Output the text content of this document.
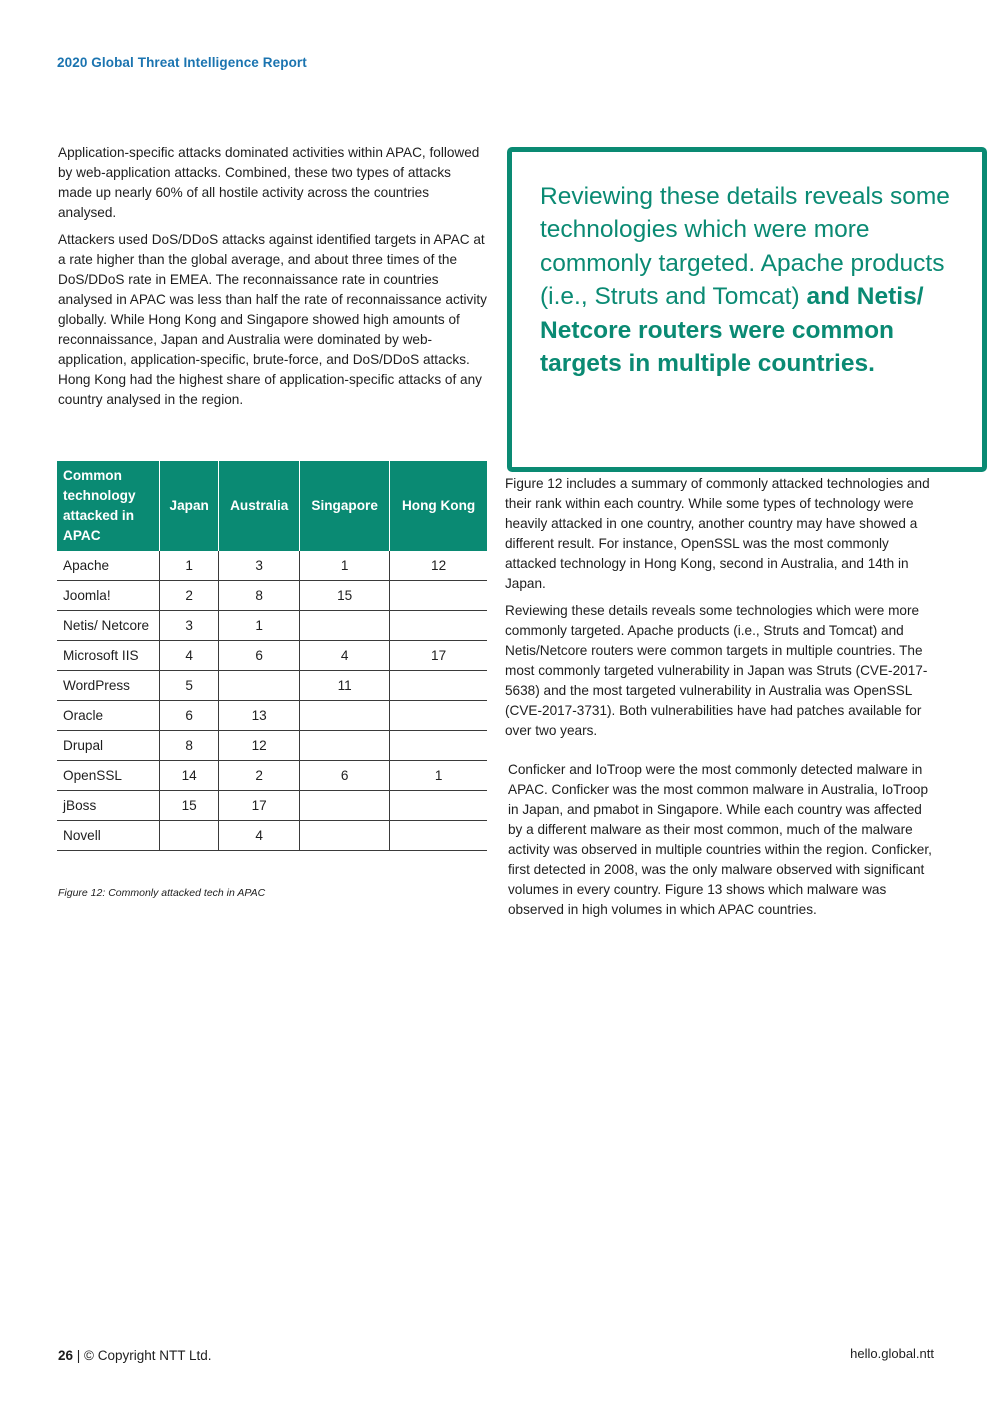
2020 Global Threat Intelligence Report

Application-specific attacks dominated activities within APAC, followed by web-application attacks. Combined, these two types of attacks made up nearly 60% of all hostile activity across the countries analysed.

Attackers used DoS/DDoS attacks against identified targets in APAC at a rate higher than the global average, and about three times of the DoS/DDoS rate in EMEA. The reconnaissance rate in countries analysed in APAC was less than half the rate of reconnaissance activity globally. While Hong Kong and Singapore showed high amounts of reconnaissance, Japan and Australia were dominated by web-application, application-specific, brute-force, and DoS/DDoS attacks. Hong Kong had the highest share of application-specific attacks of any country analysed in the region.

Reviewing these details reveals some technologies which were more commonly targeted. Apache products (i.e., Struts and Tomcat) and Netis/ Netcore routers were common targets in multiple countries.

Common technology attacked in APAC	Japan	Australia	Singapore	Hong Kong
Apache	1	3	1	12
Joomla!	2	8	15	
Netis/ Netcore	3	1		
Microsoft IIS	4	6	4	17
WordPress	5		11	
Oracle	6	13		
Drupal	8	12		
OpenSSL	14	2	6	1
jBoss	15	17		
Novell		4		
Figure 12: Commonly attacked tech in APAC

Figure 12 includes a summary of commonly attacked technologies and their rank within each country. While some types of technology were heavily attacked in one country, another country may have showed a different result. For instance, OpenSSL was the most commonly attacked technology in Hong Kong, second in Australia, and 14th in Japan.

Reviewing these details reveals some technologies which were more commonly targeted. Apache products (i.e., Struts and Tomcat) and Netis/Netcore routers were common targets in multiple countries. The most commonly targeted vulnerability in Japan was Struts (CVE-2017-5638) and the most targeted vulnerability in Australia was OpenSSL (CVE-2017-3731). Both vulnerabilities have had patches available for over two years.

Conficker and IoTroop were the most commonly detected malware in APAC. Conficker was the most common malware in Australia, IoTroop in Japan, and pmabot in Singapore. While each country was affected by a different malware as their most common, much of the malware activity was observed in multiple countries within the region. Conficker, first detected in 2008, was the only malware observed with significant volumes in every country. Figure 13 shows which malware was observed in high volumes in which APAC countries.

26 | © Copyright NTT Ltd.	hello.global.ntt
